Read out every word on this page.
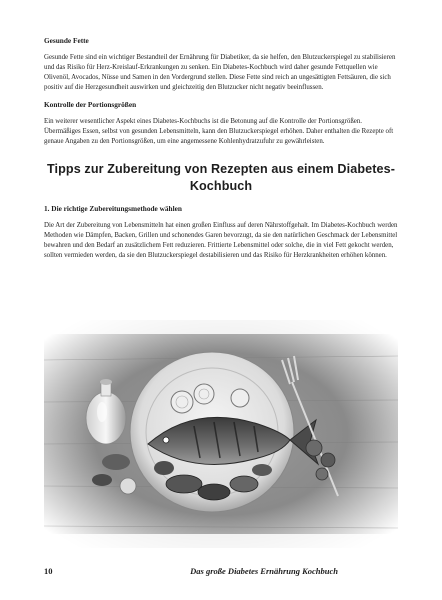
Gesunde Fette

Gesunde Fette sind ein wichtiger Bestandteil der Ernährung für Diabetiker, da sie helfen, den Blutzuckerspiegel zu stabilisieren und das Risiko für Herz-Kreislauf-Erkrankungen zu senken. Ein Diabetes-Kochbuch wird daher gesunde Fettquellen wie Olivenöl, Avocados, Nüsse und Samen in den Vordergrund stellen. Diese Fette sind reich an ungesättigten Fettsäuren, die sich positiv auf die Herzgesundheit auswirken und gleichzeitig den Blutzucker nicht negativ beeinflussen.

Kontrolle der Portionsgrößen

Ein weiterer wesentlicher Aspekt eines Diabetes-Kochbuchs ist die Betonung auf die Kontrolle der Portionsgrößen. Übermäßiges Essen, selbst von gesunden Lebensmitteln, kann den Blutzuckerspiegel erhöhen. Daher enthalten die Rezepte oft genaue Angaben zu den Portionsgrößen, um eine angemessene Kohlenhydratzufuhr zu gewährleisten.

Tipps zur Zubereitung von Rezepten aus einem Diabetes-Kochbuch

1. Die richtige Zubereitungsmethode wählen

Die Art der Zubereitung von Lebensmitteln hat einen großen Einfluss auf deren Nährstoffgehalt. Im Diabetes-Kochbuch werden Methoden wie Dämpfen, Backen, Grillen und schonendes Garen bevorzugt, da sie den natürlichen Geschmack der Lebensmittel bewahren und den Bedarf an zusätzlichem Fett reduzieren. Frittierte Lebensmittel oder solche, die in viel Fett gekocht werden, sollten vermieden werden, da sie den Blutzuckerspiegel destabilisieren und das Risiko für Herzkrankheiten erhöhen können.

10	Das große Diabetes Ernährung Kochbuch
